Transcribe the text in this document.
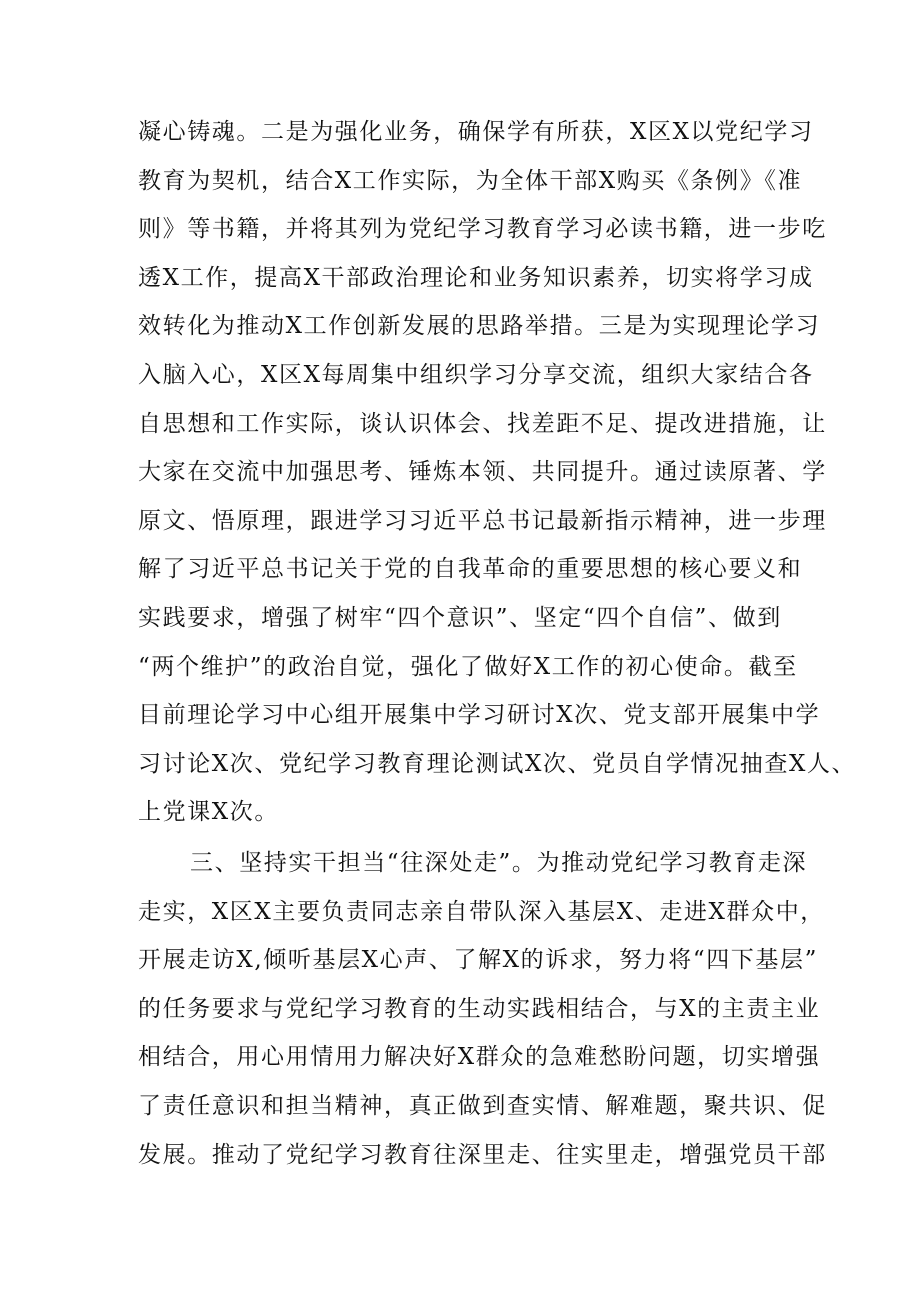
凝心铸魂。二是为强化业务，确保学有所获，X区X以党纪学习
教育为契机，结合X工作实际，为全体干部X购买《条例》《准
则》等书籍，并将其列为党纪学习教育学习必读书籍，进一步吃
透X工作，提高X干部政治理论和业务知识素养，切实将学习成
效转化为推动X工作创新发展的思路举措。三是为实现理论学习
入脑入心，X区X每周集中组织学习分享交流，组织大家结合各
自思想和工作实际，谈认识体会、找差距不足、提改进措施，让
大家在交流中加强思考、锤炼本领、共同提升。通过读原著、学
原文、悟原理，跟进学习习近平总书记最新指示精神，进一步理
解了习近平总书记关于党的自我革命的重要思想的核心要义和
实践要求，增强了树牢“四个意识”、坚定“四个自信”、做到
“两个维护”的政治自觉，强化了做好X工作的初心使命。截至
目前理论学习中心组开展集中学习研讨X次、党支部开展集中学
习讨论X次、党纪学习教育理论测试X次、党员自学情况抽查X人、
上党课X次。
三、坚持实干担当“往深处走”。为推动党纪学习教育走深
走实，X区X主要负责同志亲自带队深入基层X、走进X群众中，
开展走访X,倾听基层X心声、了解X的诉求，努力将“四下基层”
的任务要求与党纪学习教育的生动实践相结合，与X的主责主业
相结合，用心用情用力解决好X群众的急难愁盼问题，切实增强
了责任意识和担当精神，真正做到查实情、解难题，聚共识、促
发展。推动了党纪学习教育往深里走、往实里走，增强党员干部
